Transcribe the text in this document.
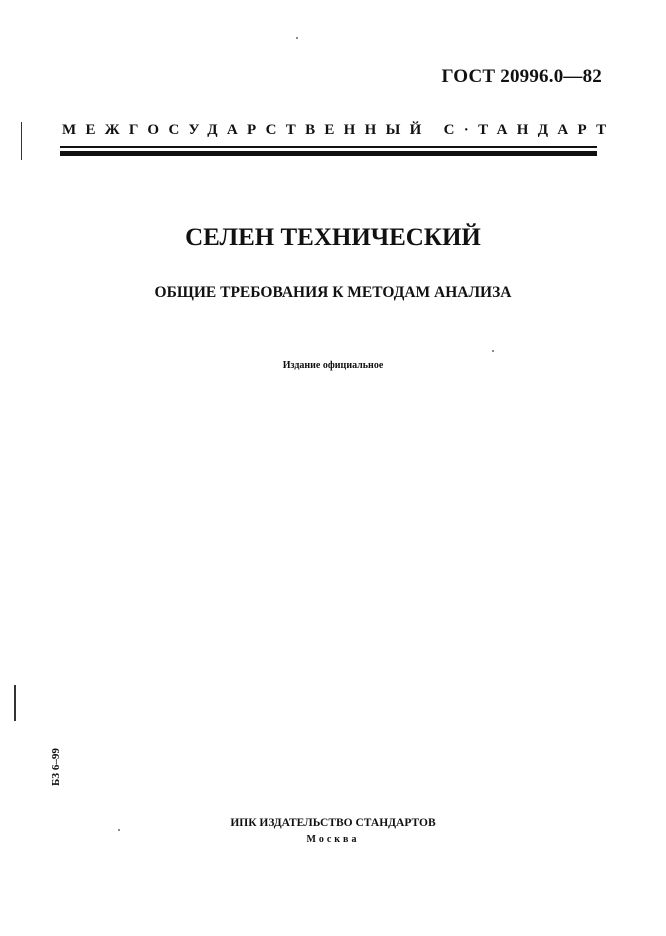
ГОСТ 20996.0—82
МЕЖГОСУДАРСТВЕННЫЙ С·ТАНДАРТ
СЕЛЕН ТЕХНИЧЕСКИЙ
ОБЩИЕ ТРЕБОВАНИЯ К МЕТОДАМ АНАЛИЗА
Издание официальное
БЗ 6–99
ИПК ИЗДАТЕЛЬСТВО СТАНДАРТОВ
Москва
